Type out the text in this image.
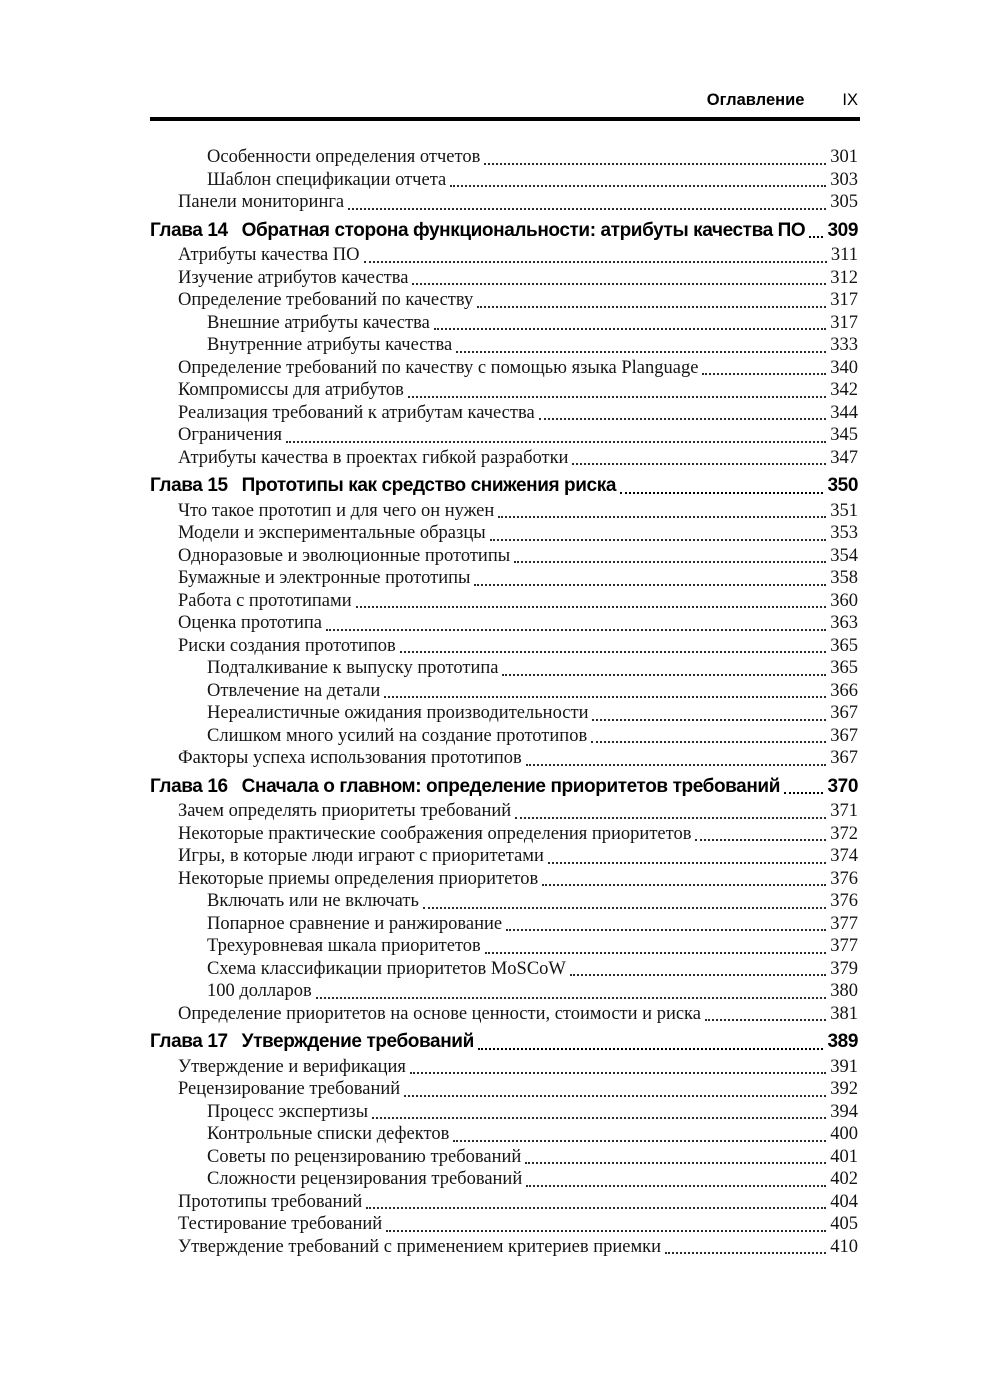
Оглавление IX
Особенности определения отчетов	301
Шаблон спецификации отчета	303
Панели мониторинга	305
Глава 14 Обратная сторона функциональности: атрибуты качества ПО 309
Атрибуты качества ПО	311
Изучение атрибутов качества	312
Определение требований по качеству	317
Внешние атрибуты качества	317
Внутренние атрибуты качества	333
Определение требований по качеству с помощью языка Planguage	340
Компромиссы для атрибутов	342
Реализация требований к атрибутам качества	344
Ограничения	345
Атрибуты качества в проектах гибкой разработки	347
Глава 15 Прототипы как средство снижения риска	350
Что такое прототип и для чего он нужен	351
Модели и экспериментальные образцы	353
Одноразовые и эволюционные прототипы	354
Бумажные и электронные прототипы	358
Работа с прототипами	360
Оценка прототипа	363
Риски создания прототипов	365
Подталкивание к выпуску прототипа	365
Отвлечение на детали	366
Нереалистичные ожидания производительности	367
Слишком много усилий на создание прототипов	367
Факторы успеха использования прототипов	367
Глава 16 Сначала о главном: определение приоритетов требований	370
Зачем определять приоритеты требований	371
Некоторые практические соображения определения приоритетов	372
Игры, в которые люди играют с приоритетами	374
Некоторые приемы определения приоритетов	376
Включать или не включать	376
Попарное сравнение и ранжирование	377
Трехуровневая шкала приоритетов	377
Схема классификации приоритетов MoSCoW	379
100 долларов	380
Определение приоритетов на основе ценности, стоимости и риска	381
Глава 17 Утверждение требований	389
Утверждение и верификация	391
Рецензирование требований	392
Процесс экспертизы	394
Контрольные списки дефектов	400
Советы по рецензированию требований	401
Сложности рецензирования требований	402
Прототипы требований	404
Тестирование требований	405
Утверждение требований с применением критериев приемки	410
